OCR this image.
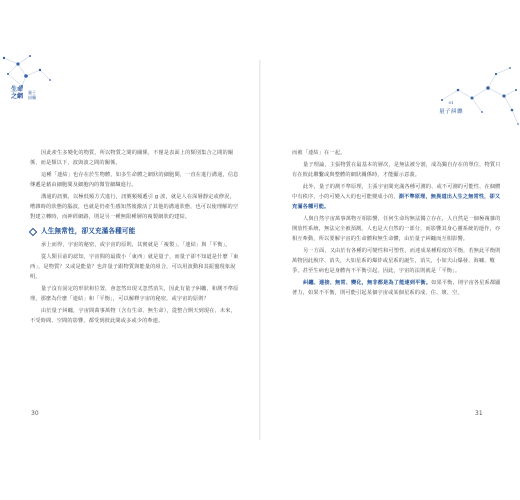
生命
之網
量子
糾纏

因此產生多變化的物質，所以物質之間的關係，不僅是表面上的類別集合之間的關係，而是類以下，波與波之間的關係。

這種「連結」也存在於生物體，如多生命體之網狀的細胞間，一直在進行溝通，信息傳遞是藉由細胞間及細胞內的微管細織進行。

溝通的訊號，以極低頻方式進行，訊號頻頻遞引 g 波，就是人在深層靜定或修況，嘈雜時的狀態的腦波，也就是仍產生感知然後激活了其他的溝通狀態，也可以使理解的空對建立轉時，而神經網路，則是另一種無限種層的複製網狀的建結。

人生無常性，卻又充滿各種可能

承上而得，宇宙的秘密，或宇宙的原則，其實就是「複製」、「連結」與「平衡」。

從人類目前的認知，宇宙間的最微小「東西」就是量子，而量子卻不知道是什麼「東西」，是物質？又或是能量？也許量子跟物質與能量的組合，可以用波動和其振盪現象說明。

量子沒有固定的形狀和位置，會忽然出現又忽然消失，因此有量子糾纏，和測不準原理，那麼為什麼「連結」和「平衡」，可以解釋宇宙的秘密，或宇宙的原則？

由於量子糾纏，宇宙間萬事萬物（含有生命、無生命），從整合開天到現在、未來，不受時間、空間的影響，都受到彼此間或多或少的牽連。

30
01
量子糾纏

而被「連結」在一起。

量子理論，主張物質在最基本的層次，是無法被分割，成為獨自存在的單位，物質只有在彼此聯繫或與整體的網狀關係時，才能顯示意義。

此外，量子的測不準原理，主張宇宙間充滿各種可測的、或不可測的可能性，在個體中有秩序，小的可變入大的也可能變成小的，測不準原理，無異道出人生之無常性，卻又充滿各種可能。

人與自然宇宙萬事萬物互相影響，任何生命均無法獨立存在，人自然是一個極複雜的開放性系統，無法完全被預測。人也是大自然的一部分，而影響其身心靈系統的運作，亦相互牽動，所以要解宇宙的生命體和無生命體，由於量子糾纏而互相影響。

另一方面，又由於有各種的可變性和可塑性，而達成某種程度的平衡，若無此平衡則萬物因此脫序、消失，大如星系的爆炸或星系的誕生，消失，小如夫山爆發、海嘯、戰爭，甚至生病也是身體內不平衡引起，因此，宇宙的法則就是「平衡」。

糾纏、連接、無常、變化，無非都是為了能達到平衡。如果平衡，則宇宙各星系都顯著力，如果不平衡，則可能引起某個宇宙或某個星系的成、住、壞、空。

31
